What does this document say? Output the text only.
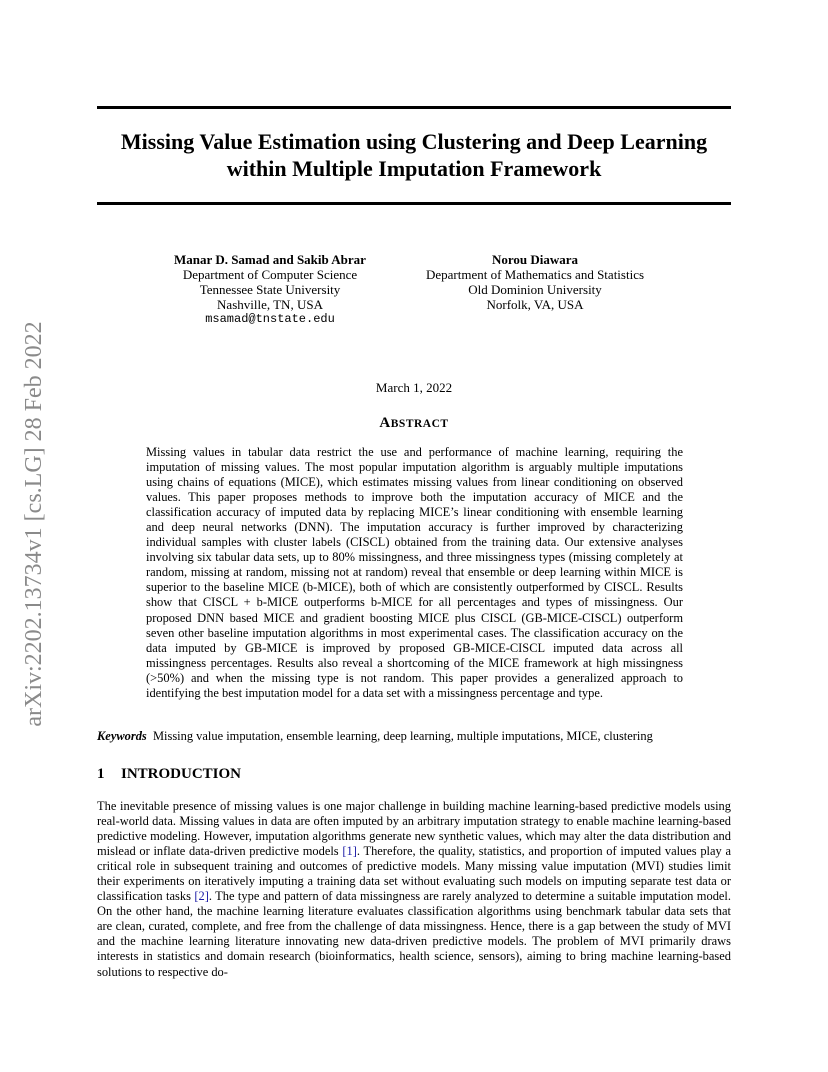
arXiv:2202.13734v1 [cs.LG] 28 Feb 2022
Missing Value Estimation using Clustering and Deep Learning
within Multiple Imputation Framework
Manar D. Samad and Sakib Abrar
Department of Computer Science
Tennessee State University
Nashville, TN, USA
msamad@tnstate.edu
Norou Diawara
Department of Mathematics and Statistics
Old Dominion University
Norfolk, VA, USA
March 1, 2022
ABSTRACT

Missing values in tabular data restrict the use and performance of machine learning, requiring the imputation of missing values. The most popular imputation algorithm is arguably multiple imputations using chains of equations (MICE), which estimates missing values from linear conditioning on observed values. This paper proposes methods to improve both the imputation accuracy of MICE and the classification accuracy of imputed data by replacing MICE’s linear conditioning with ensemble learning and deep neural networks (DNN). The imputation accuracy is further improved by characterizing individual samples with cluster labels (CISCL) obtained from the training data. Our extensive analyses involving six tabular data sets, up to 80% missingness, and three missingness types (missing completely at random, missing at random, missing not at random) reveal that ensemble or deep learning within MICE is superior to the baseline MICE (b-MICE), both of which are consistently outperformed by CISCL. Results show that CISCL + b-MICE outperforms b-MICE for all percentages and types of missingness. Our proposed DNN based MICE and gradient boosting MICE plus CISCL (GB-MICE-CISCL) outperform seven other baseline imputation algorithms in most experimental cases. The classification accuracy on the data imputed by GB-MICE is improved by proposed GB-MICE-CISCL imputed data across all missingness percentages. Results also reveal a shortcoming of the MICE framework at high missingness (>50%) and when the missing type is not random. This paper provides a generalized approach to identifying the best imputation model for a data set with a missingness percentage and type.

Keywords Missing value imputation, ensemble learning, deep learning, multiple imputations, MICE, clustering
1 INTRODUCTION

The inevitable presence of missing values is one major challenge in building machine learning-based predictive models using real-world data. Missing values in data are often imputed by an arbitrary imputation strategy to enable machine learning-based predictive modeling. However, imputation algorithms generate new synthetic values, which may alter the data distribution and mislead or inflate data-driven predictive models [1]. Therefore, the quality, statistics, and proportion of imputed values play a critical role in subsequent training and outcomes of predictive models. Many missing value imputation (MVI) studies limit their experiments on iteratively imputing a training data set without evaluating such models on imputing separate test data or classification tasks [2]. The type and pattern of data missingness are rarely analyzed to determine a suitable imputation model. On the other hand, the machine learning literature evaluates classification algorithms using benchmark tabular data sets that are clean, curated, complete, and free from the challenge of data missingness. Hence, there is a gap between the study of MVI and the machine learning literature innovating new data-driven predictive models. The problem of MVI primarily draws interests in statistics and domain research (bioinformatics, health science, sensors), aiming to bring machine learning-based solutions to respective do-
